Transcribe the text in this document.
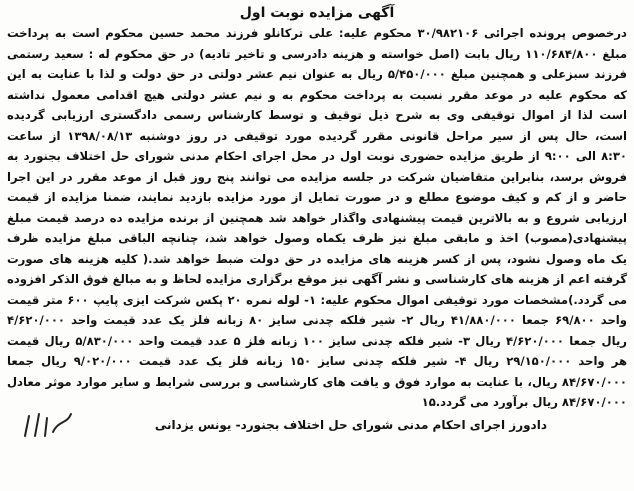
آگهی مزایده نوبت اول
درخصوص پرونده اجرائی ۳۰/۹۸۲۱۰۶ محکوم علیه: علی ترکانلو فرزند محمد حسین محکوم است به پرداخت
مبلغ ۱۱۰/۶۸۴/۸۰۰ ریال بابت (اصل خواسته و هزینه دادرسی و تاخیر تادیه) در حق محکوم له : سعید رستمی
فرزند سبزعلی و همچنین مبلغ ۵/۴۵۰/۰۰۰ ریال به عنوان نیم عشر دولتی در حق دولت و لذا با عنایت به این
که محکوم علیه در موعد مقرر نسبت به پرداخت محکوم به و نیم عشر دولتی هیچ اقدامی معمول نداشته
است لذا از اموال توقیفی وی به شرح ذیل توقیف و توسط کارشناس رسمی دادگستری ارزیابی گردیده
است، حال پس از سیر مراحل قانونی مقرر گردیده مورد توقیفی در روز دوشنبه ۱۳۹۸/۰۸/۱۳ از ساعت
۸:۳۰ الی ۹:۰۰ از طریق مزایده حضوری نوبت اول در محل اجرای احکام مدنی شورای حل اختلاف بجنورد به
فروش برسد، بنابراین متقاضیان شرکت در جلسه مزایده می توانند پنج روز قبل از موعد مقرر در این اجرا
حاضر و از کم و کیف موضوع مطلع و در صورت تمایل از مورد مزایده بازدید نمایند، ضمنا مزایده از قیمت
ارزیابی شروع و به بالاترین قیمت پیشنهادی واگذار خواهد شد همچنین از برنده مزایده ده درصد قیمت مبلغ
پیشنهادی(مصوب) اخذ و مابقی مبلغ نیز ظرف یکماه وصول خواهد شد، چنانچه الباقی مبلغ مزایده ظرف
یک ماه وصول نشود، پس از کسر هزینه های مزایده در حق دولت ضبط خواهد شد.( کلیه هزینه های صورت
گرفته اعم از هزینه های کارشناسی و نشر آگهی نیز موقع برگزاری مزایده لحاظ و به مبالغ فوق الذکر افزوده
می گردد.)مشخصات مورد توقیفی اموال محکوم علیه: ۱- لوله نمره ۲۰ پکس شرکت ایزی پایپ ۶۰۰ متر قیمت
واحد ۶۹/۸۰۰ جمعا ۴۱/۸۸۰/۰۰۰ ریال ۲- شیر فلکه چدنی سایز ۸۰ زبانه فلز یک عدد قیمت واحد ۴/۶۲۰/۰۰۰
ریال جمعا ۴/۶۲۰/۰۰۰ ریال ۳- شیر فلکه چدنی سایز ۱۰۰ زبانه فلز ۵ عدد قیمت واحد ۵/۸۳۰/۰۰۰ ریال قیمت
هر واحد ۲۹/۱۵۰/۰۰۰ ریال ۴- شیر فلکه چدنی سایز ۱۵۰ زبانه فلز یک عدد قیمت ۹/۰۲۰/۰۰۰ ریال جمعا
۸۴/۶۷۰/۰۰۰ ریال، با عنایت به موارد فوق و یافت های کارشناسی و بررسی شرایط و سایر موارد موثر معادل
۸۴/۶۷۰/۰۰۰ ریال برآورد می گردد.۱۵
دادورز اجرای احکام مدنی شورای حل اختلاف بجنورد- یونس یزدانی
